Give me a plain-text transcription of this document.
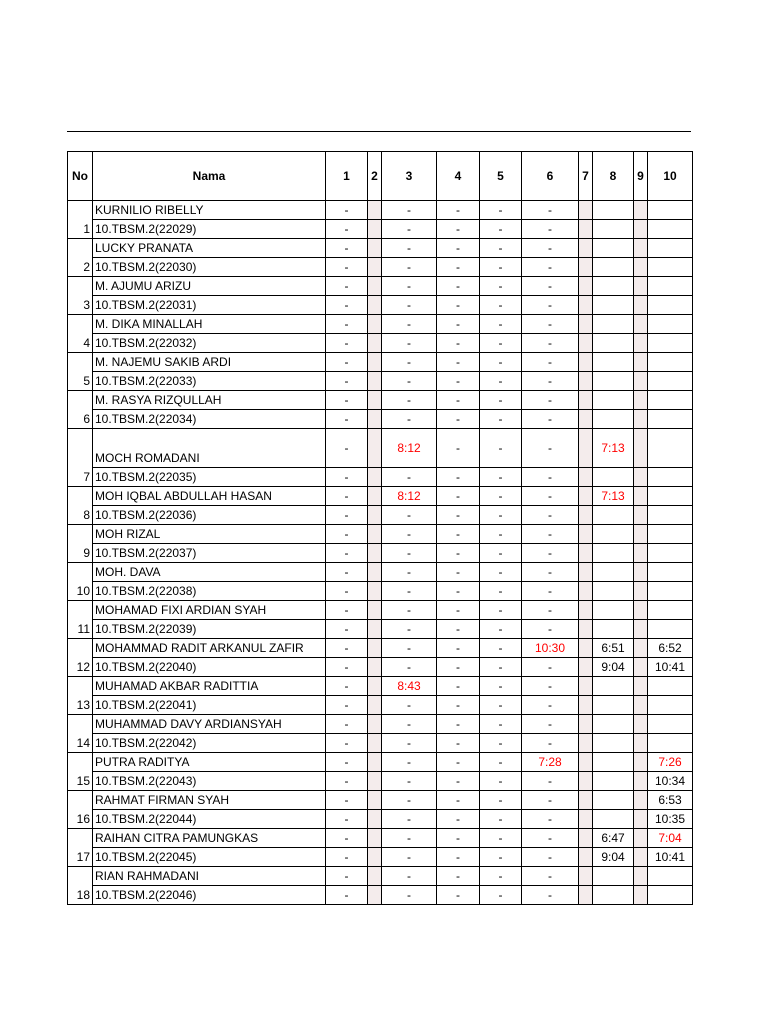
No	Nama	1	2	3	4	5	6	7	8	9	10
1	KURNILIO RIBELLY	-		-	-	-	-				
	10.TBSM.2(22029)	-		-	-	-	-				
2	LUCKY PRANATA	-		-	-	-	-				
	10.TBSM.2(22030)	-		-	-	-	-				
3	M. AJUMU ARIZU	-		-	-	-	-				
	10.TBSM.2(22031)	-		-	-	-	-				
4	M. DIKA MINALLAH	-		-	-	-	-				
	10.TBSM.2(22032)	-		-	-	-	-				
5	M. NAJEMU SAKIB ARDI	-		-	-	-	-				
	10.TBSM.2(22033)	-		-	-	-	-				
6	M. RASYA RIZQULLAH	-		-	-	-	-				
	10.TBSM.2(22034)	-		-	-	-	-				
7	MOCH ROMADANI	-		8:12	-	-	-		7:13		
	10.TBSM.2(22035)	-		-	-	-	-				
8	MOH IQBAL ABDULLAH HASAN	-		8:12	-	-	-		7:13		
	10.TBSM.2(22036)	-		-	-	-	-				
9	MOH RIZAL	-		-	-	-	-				
	10.TBSM.2(22037)	-		-	-	-	-				
10	MOH. DAVA	-		-	-	-	-				
	10.TBSM.2(22038)	-		-	-	-	-				
11	MOHAMAD FIXI ARDIAN SYAH	-		-	-	-	-				
	10.TBSM.2(22039)	-		-	-	-	-				
12	MOHAMMAD RADIT ARKANUL ZAFIR	-		-	-	-	10:30		6:51		6:52
	10.TBSM.2(22040)	-		-	-	-	-		9:04		10:41
13	MUHAMAD AKBAR RADITTIA	-		8:43	-	-	-				
	10.TBSM.2(22041)	-		-	-	-	-				
14	MUHAMMAD DAVY ARDIANSYAH	-		-	-	-	-				
	10.TBSM.2(22042)	-		-	-	-	-				
15	PUTRA RADITYA	-		-	-	-	7:28				7:26
	10.TBSM.2(22043)	-		-	-	-	-				10:34
16	RAHMAT FIRMAN SYAH	-		-	-	-	-				6:53
	10.TBSM.2(22044)	-		-	-	-	-				10:35
17	RAIHAN CITRA PAMUNGKAS	-		-	-	-	-		6:47		7:04
	10.TBSM.2(22045)	-		-	-	-	-		9:04		10:41
18	RIAN RAHMADANI	-		-	-	-	-				
	10.TBSM.2(22046)	-		-	-	-	-				
